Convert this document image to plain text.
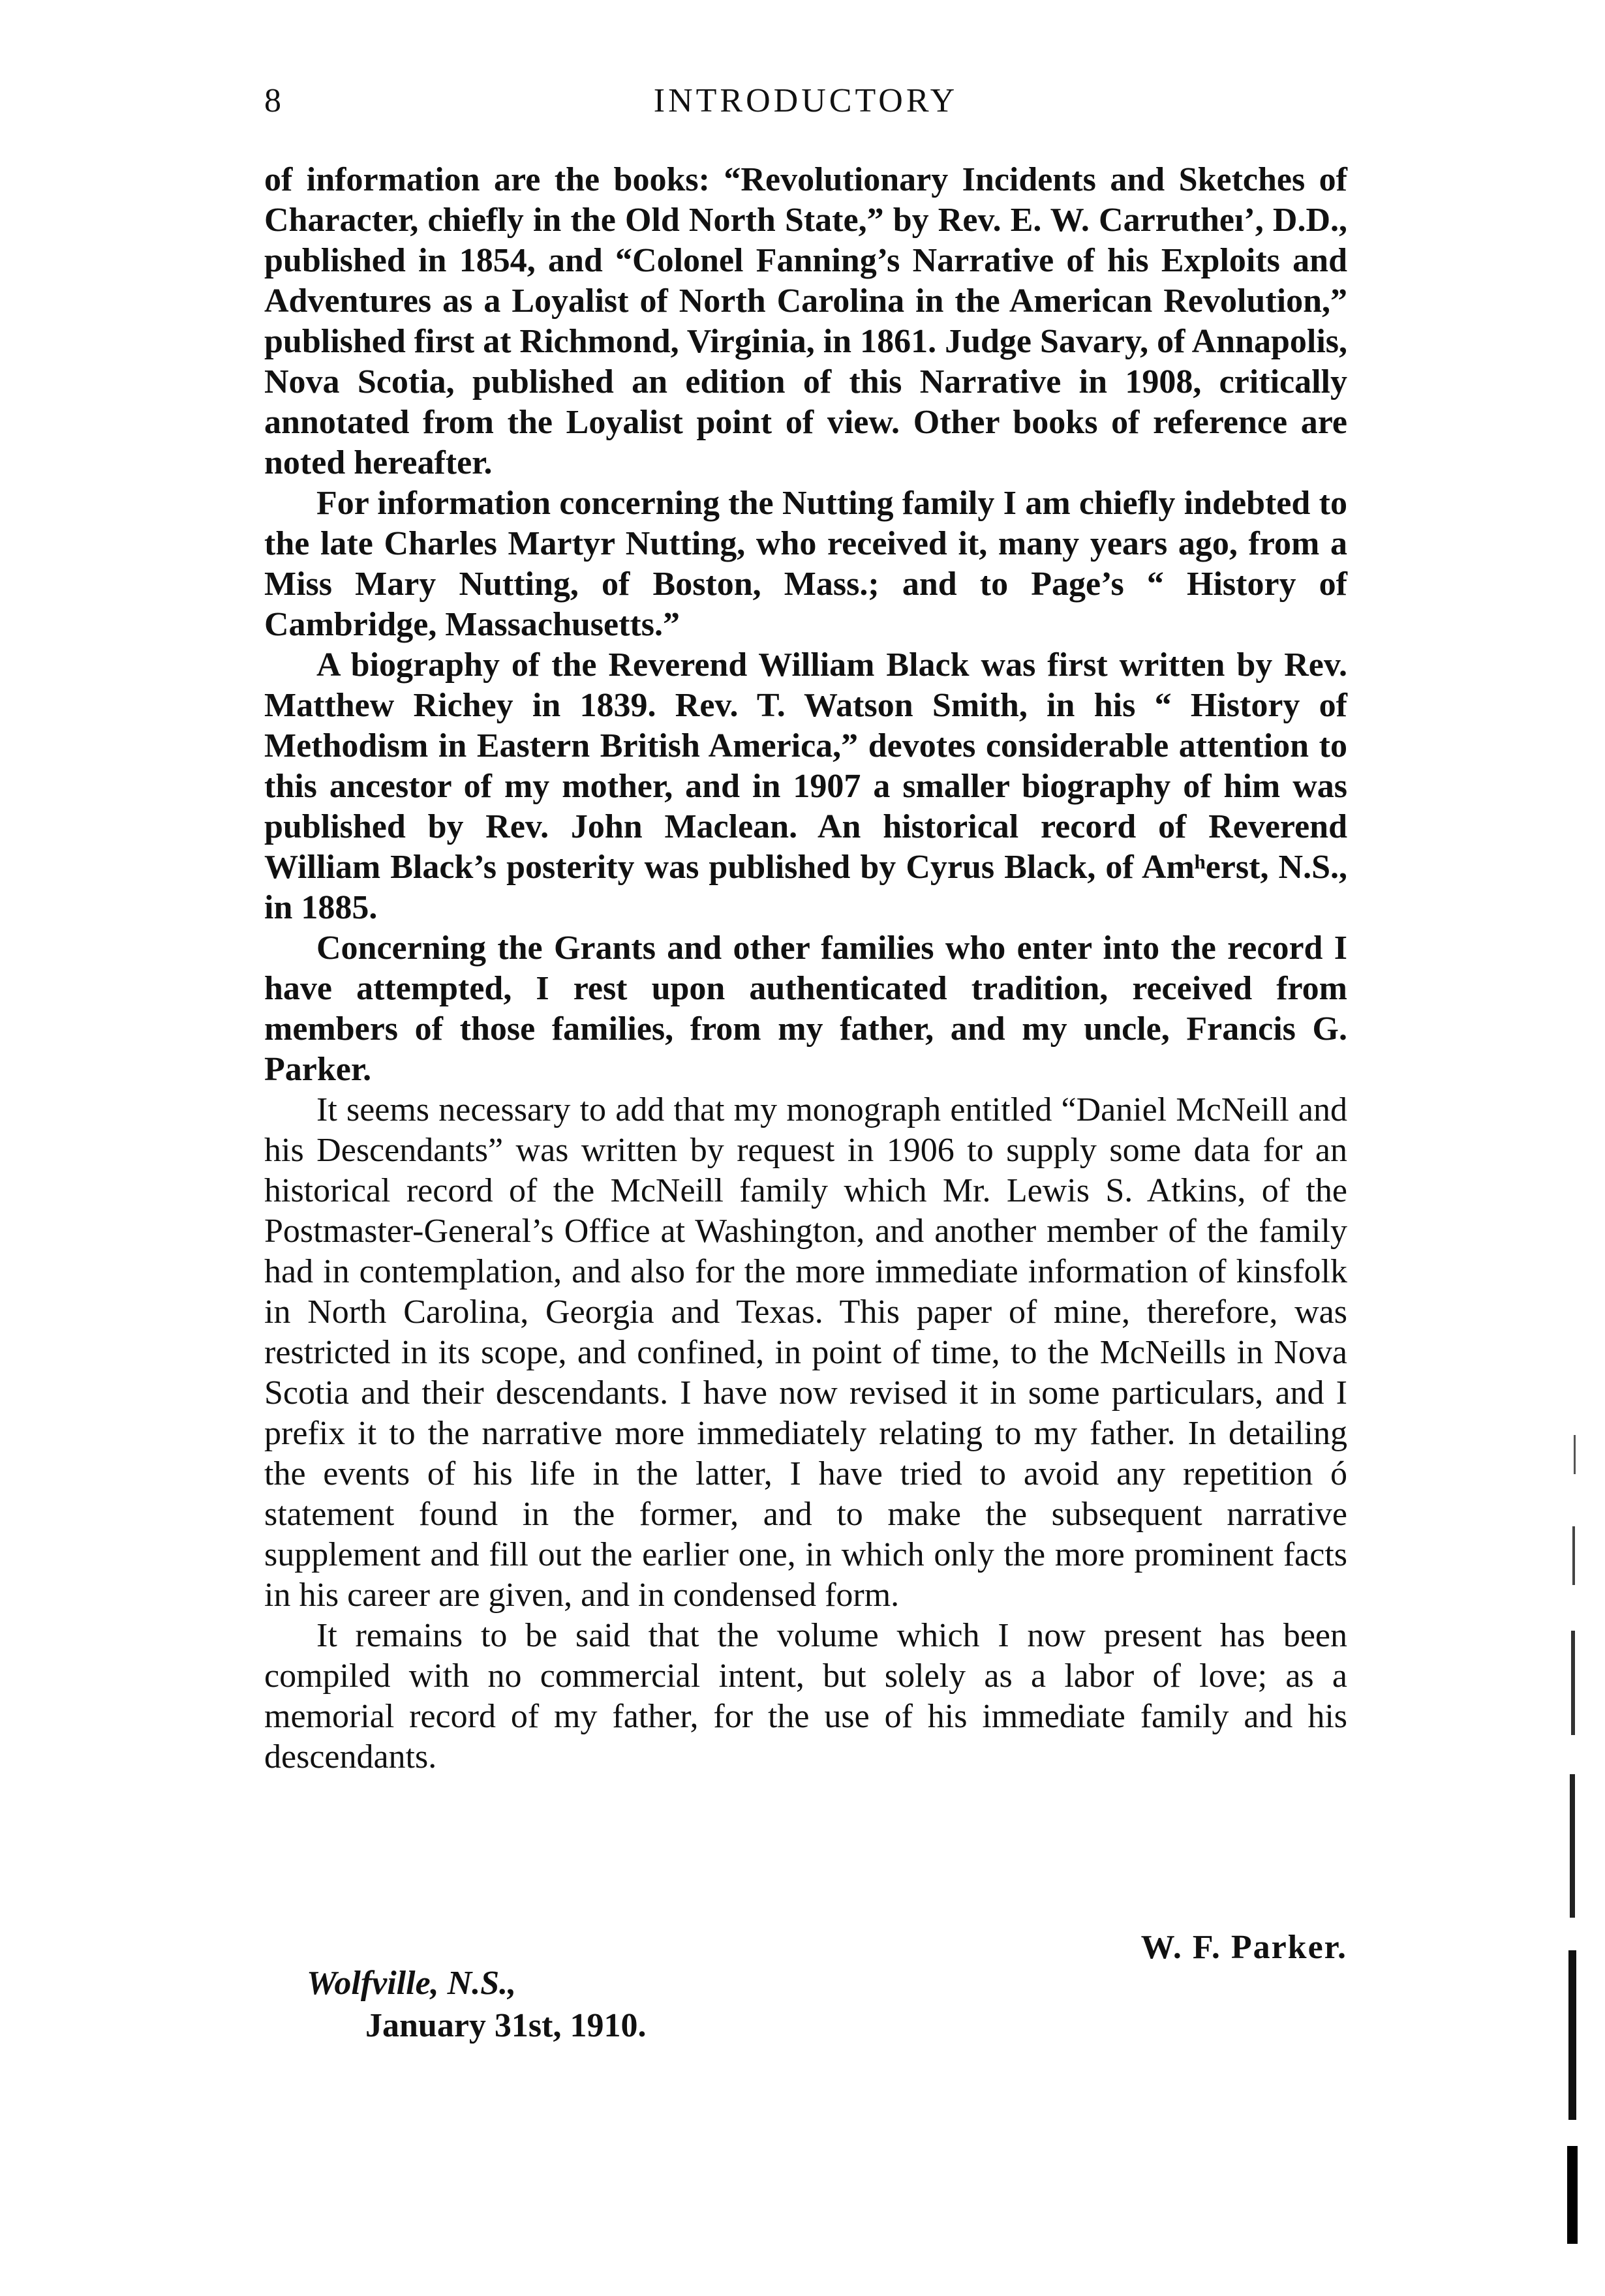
8	INTRODUCTORY

of information are the books: “Revolutionary Incidents and Sketches of Character, chiefly in the Old North State,” by Rev. E. W. Carrutheıʼ, D.D., published in 1854, and “Colonel Fanning’s Narrative of his Exploits and Adventures as a Loyalist of North Carolina in the American Revolution,” published first at Richmond, Virginia, in 1861. Judge Savary, of Annapolis, Nova Scotia, published an edition of this Narrative in 1908, critically annotated from the Loyalist point of view. Other books of reference are noted hereafter.

For information concerning the Nutting family I am chiefly indebted to the late Charles Martyr Nutting, who received it, many years ago, from a Miss Mary Nutting, of Boston, Mass.; and to Page’s “ History of Cambridge, Massachusetts.”

A biography of the Reverend William Black was first written by Rev. Matthew Richey in 1839. Rev. T. Watson Smith, in his “ History of Methodism in Eastern British America,” devotes considerable attention to this ancestor of my mother, and in 1907 a smaller biography of him was published by Rev. John Maclean. An historical record of Reverend William Black’s posterity was published by Cyrus Black, of Amʰerst, N.S., in 1885.

Concerning the Grants and other families who enter into the record I have attempted, I rest upon authenticated tradition, received from members of those families, from my father, and my uncle, Francis G. Parker.

It seems necessary to add that my monograph entitled “Daniel McNeill and his Descendants” was written by request in 1906 to supply some data for an historical record of the McNeill family which Mr. Lewis S. Atkins, of the Postmaster-General’s Office at Washington, and another member of the family had in contemplation, and also for the more immediate information of kinsfolk in North Carolina, Georgia and Texas. This paper of mine, therefore, was restricted in its scope, and confined, in point of time, to the McNeills in Nova Scotia and their descendants. I have now revised it in some particulars, and I prefix it to the narrative more immediately relating to my father. In detailing the events of his life in the latter, I have tried to avoid any repetition ó statement found in the former, and to make the subsequent narrative supplement and fill out the earlier one, in which only the more prominent facts in his career are given, and in condensed form.

It remains to be said that the volume which I now present has been compiled with no commercial intent, but solely as a labor of love; as a memorial record of my father, for the use of his immediate family and his descendants.

W. F. Parker.
Wolfville, N.S.,
January 31st, 1910.
